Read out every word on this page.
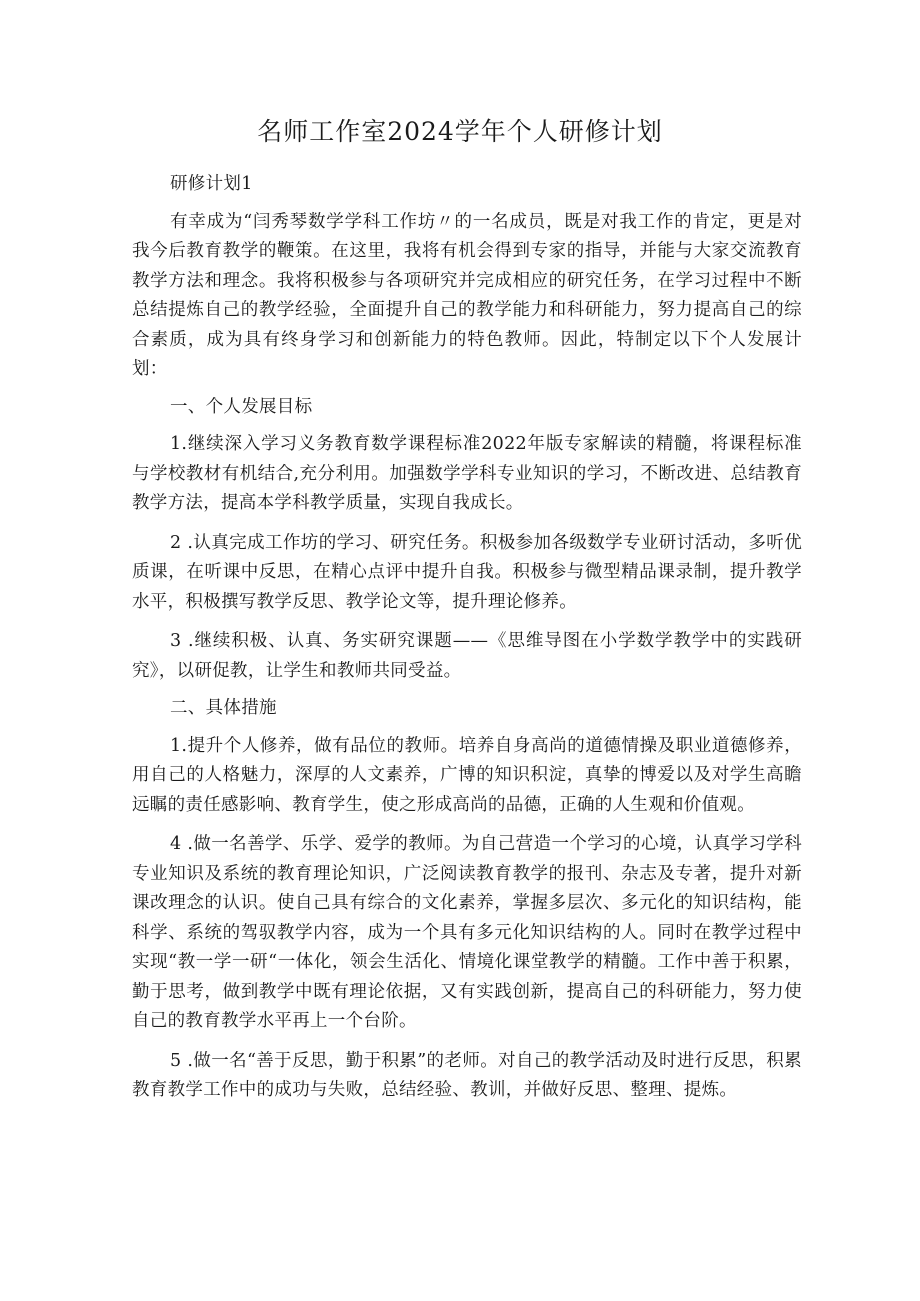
名师工作室2024学年个人研修计划

研修计划1

有幸成为“闫秀琴数学学科工作坊〃的一名成员，既是对我工作的肯定，更是对我今后教育教学的鞭策。在这里，我将有机会得到专家的指导，并能与大家交流教育教学方法和理念。我将积极参与各项研究并完成相应的研究任务，在学习过程中不断总结提炼自己的教学经验，全面提升自己的教学能力和科研能力，努力提高自己的综合素质，成为具有终身学习和创新能力的特色教师。因此，特制定以下个人发展计划：

一、个人发展目标

1.继续深入学习义务教育数学课程标准2022年版专家解读的精髓，将课程标准与学校教材有机结合,充分利用。加强数学学科专业知识的学习，不断改进、总结教育教学方法，提高本学科教学质量，实现自我成长。

2 .认真完成工作坊的学习、研究任务。积极参加各级数学专业研讨活动，多听优质课，在听课中反思，在精心点评中提升自我。积极参与微型精品课录制，提升教学水平，积极撰写教学反思、教学论文等，提升理论修养。

3 .继续积极、认真、务实研究课题——《思维导图在小学数学教学中的实践研究》，以研促教，让学生和教师共同受益。

二、具体措施

1.提升个人修养，做有品位的教师。培养自身高尚的道德情操及职业道德修养，用自己的人格魅力，深厚的人文素养，广博的知识积淀，真挚的博爱以及对学生高瞻远瞩的责任感影响、教育学生，使之形成高尚的品德，正确的人生观和价值观。

4 .做一名善学、乐学、爱学的教师。为自己营造一个学习的心境，认真学习学科专业知识及系统的教育理论知识，广泛阅读教育教学的报刊、杂志及专著，提升对新课改理念的认识。使自己具有综合的文化素养，掌握多层次、多元化的知识结构，能科学、系统的驾驭教学内容，成为一个具有多元化知识结构的人。同时在教学过程中实现“教一学一研“一体化，领会生活化、情境化课堂教学的精髓。工作中善于积累，勤于思考，做到教学中既有理论依据，又有实践创新，提高自己的科研能力，努力使自己的教育教学水平再上一个台阶。

5 .做一名“善于反思，勤于积累”的老师。对自己的教学活动及时进行反思，积累教育教学工作中的成功与失败，总结经验、教训，并做好反思、整理、提炼。
